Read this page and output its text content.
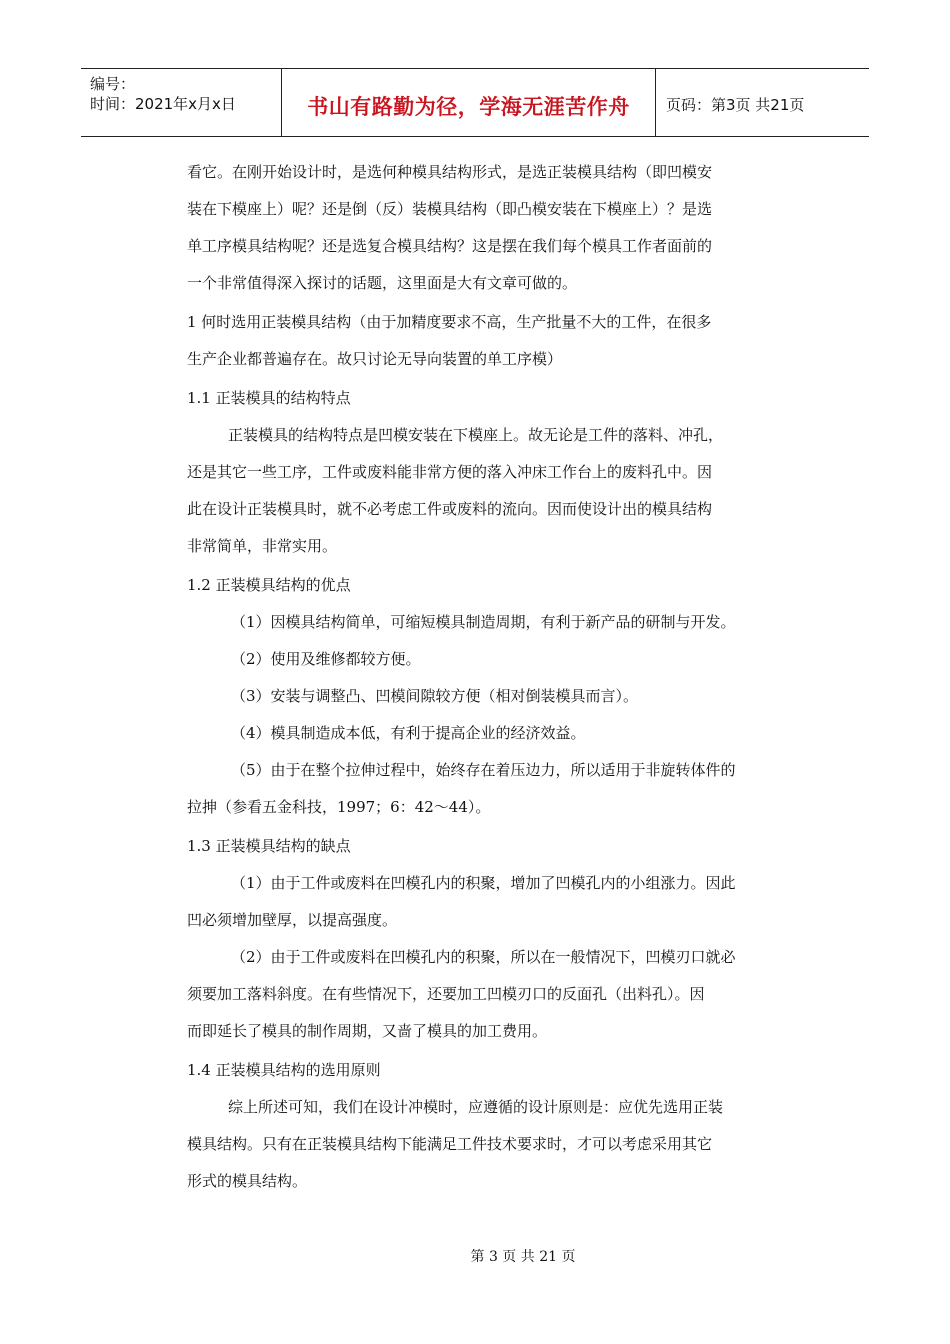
编号：
时间：2021年x月x日	书山有路勤为径，学海无涯苦作舟	页码：第3页 共21页
看它。在刚开始设计时，是选何种模具结构形式，是选正装模具结构（即凹模安
装在下模座上）呢？还是倒（反）装模具结构（即凸模安装在下模座上）？是选
单工序模具结构呢？还是选复合模具结构？这是摆在我们每个模具工作者面前的
一个非常值得深入探讨的话题，这里面是大有文章可做的。
1 何时选用正装模具结构（由于加精度要求不高，生产批量不大的工件，在很多
生产企业都普遍存在。故只讨论无导向装置的单工序模）
1.1 正装模具的结构特点
正装模具的结构特点是凹模安装在下模座上。故无论是工件的落料、冲孔，
还是其它一些工序，工件或废料能非常方便的落入冲床工作台上的废料孔中。因
此在设计正装模具时，就不必考虑工件或废料的流向。因而使设计出的模具结构
非常简单，非常实用。
1.2 正装模具结构的优点
（1）因模具结构简单，可缩短模具制造周期，有利于新产品的研制与开发。
（2）使用及维修都较方便。
（3）安装与调整凸、凹模间隙较方便（相对倒装模具而言）。
（4）模具制造成本低，有利于提高企业的经济效益。
（5）由于在整个拉伸过程中，始终存在着压边力，所以适用于非旋转体件的
拉抻（参看五金科技，1997；6：42～44）。
1.3 正装模具结构的缺点
（1）由于工件或废料在凹模孔内的积聚，增加了凹模孔内的小组涨力。因此
凹必须增加壁厚，以提高强度。
（2）由于工件或废料在凹模孔内的积聚，所以在一般情况下，凹模刃口就必
须要加工落料斜度。在有些情况下，还要加工凹模刃口的反面孔（出料孔）。因
而即延长了模具的制作周期，又啬了模具的加工费用。
1.4 正装模具结构的选用原则
综上所述可知，我们在设计冲模时，应遵循的设计原则是：应优先选用正装
模具结构。只有在正装模具结构下能满足工件技术要求时，才可以考虑采用其它
形式的模具结构。
第 3 页 共 21 页
